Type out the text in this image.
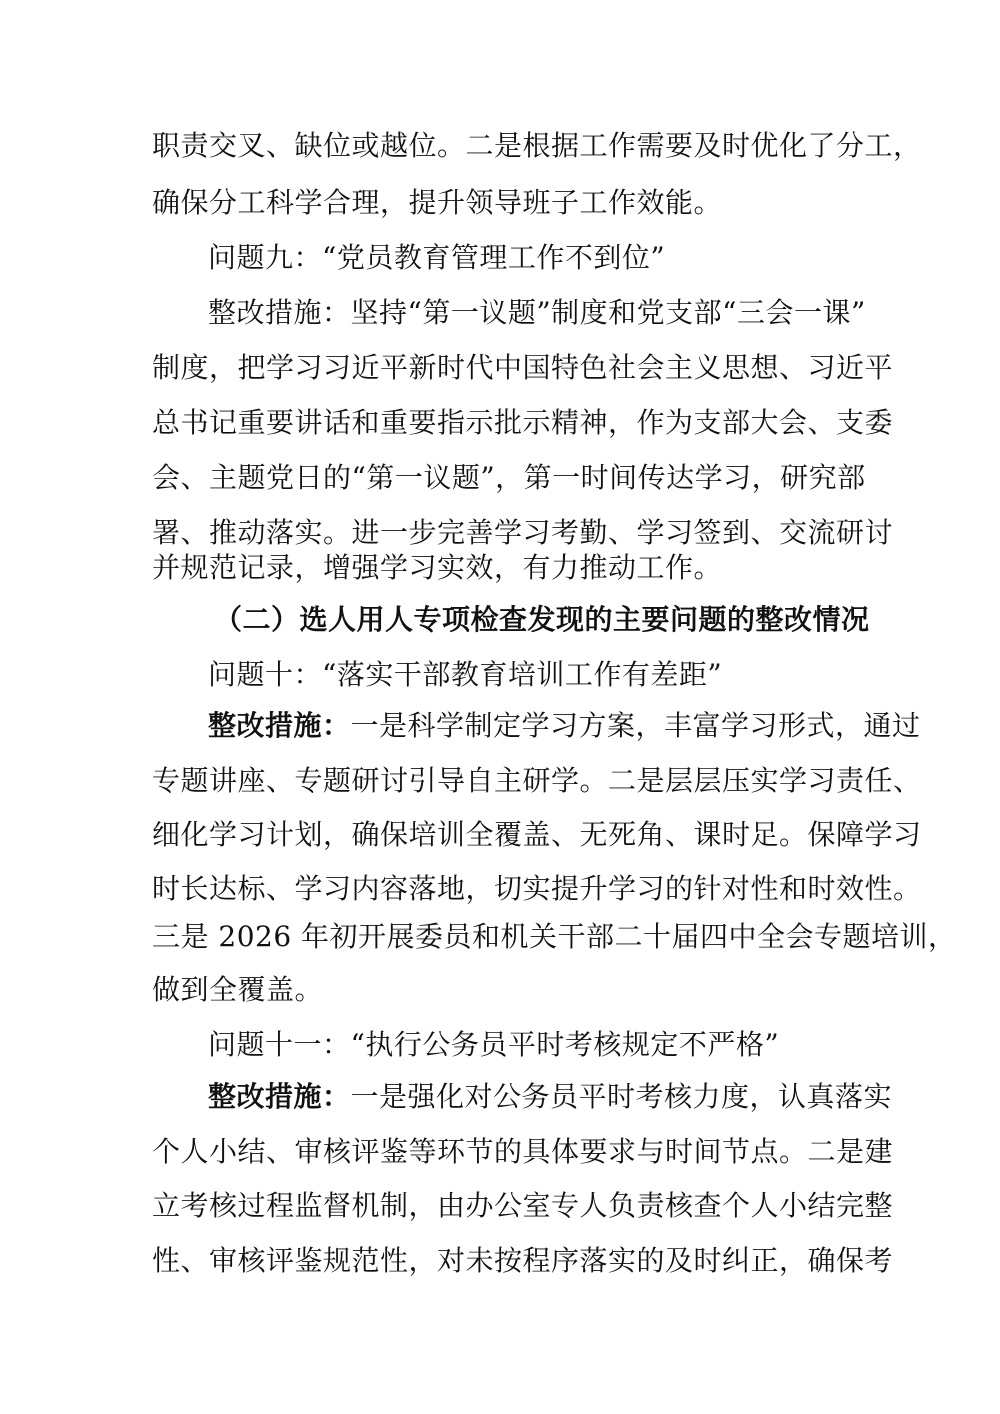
职责交叉、缺位或越位。二是根据工作需要及时优化了分工，
确保分工科学合理，提升领导班子工作效能。
问题九：“党员教育管理工作不到位”
整改措施：坚持“第一议题”制度和党支部“三会一课”
制度，把学习习近平新时代中国特色社会主义思想、习近平
总书记重要讲话和重要指示批示精神，作为支部大会、支委
会、主题党日的“第一议题”，第一时间传达学习，研究部
署、推动落实。进一步完善学习考勤、学习签到、交流研讨
并规范记录，增强学习实效，有力推动工作。
（二）选人用人专项检查发现的主要问题的整改情况
问题十：“落实干部教育培训工作有差距”
整改措施：一是科学制定学习方案，丰富学习形式，通过
专题讲座、专题研讨引导自主研学。二是层层压实学习责任、
细化学习计划，确保培训全覆盖、无死角、课时足。保障学习
时长达标、学习内容落地，切实提升学习的针对性和时效性。
三是 2026 年初开展委员和机关干部二十届四中全会专题培训，
做到全覆盖。
问题十一：“执行公务员平时考核规定不严格”
整改措施：一是强化对公务员平时考核力度，认真落实
个人小结、审核评鉴等环节的具体要求与时间节点。二是建
立考核过程监督机制，由办公室专人负责核查个人小结完整
性、审核评鉴规范性，对未按程序落实的及时纠正，确保考
